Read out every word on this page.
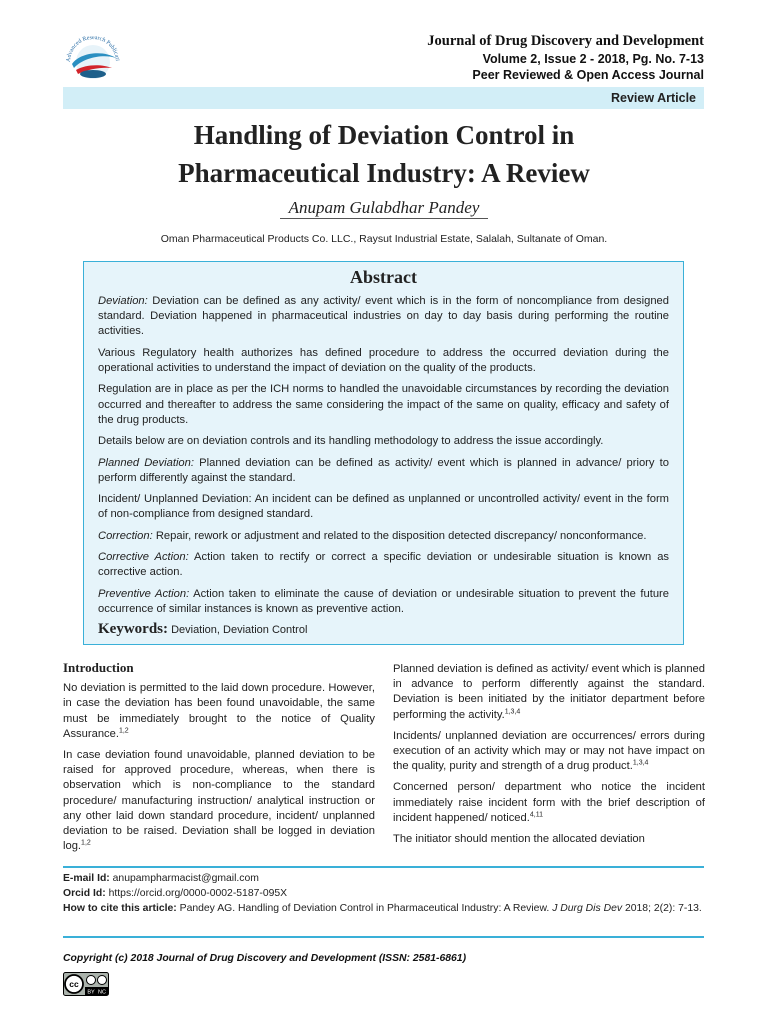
Advanced Research Publicati
Journal of Drug Discovery and Development
Volume 2, Issue 2 - 2018, Pg. No. 7-13
Peer Reviewed & Open Access Journal
Review Article
Handling of Deviation Control in
Pharmaceutical Industry: A Review
Anupam Gulabdhar Pandey
Oman Pharmaceutical Products Co. LLC., Raysut Industrial Estate, Salalah, Sultanate of Oman.
Abstract

Deviation: Deviation can be defined as any activity/ event which is in the form of noncompliance from designed standard. Deviation happened in pharmaceutical industries on day to day basis during performing the routine activities.

Various Regulatory health authorizes has defined procedure to address the occurred deviation during the operational activities to understand the impact of deviation on the quality of the products.

Regulation are in place as per the ICH norms to handled the unavoidable circumstances by recording the deviation occurred and thereafter to address the same considering the impact of the same on quality, efficacy and safety of the drug products.

Details below are on deviation controls and its handling methodology to address the issue accordingly.

Planned Deviation: Planned deviation can be defined as activity/ event which is planned in advance/ priory to perform differently against the standard.

Incident/ Unplanned Deviation: An incident can be defined as unplanned or uncontrolled activity/ event in the form of non-compliance from designed standard.

Correction: Repair, rework or adjustment and related to the disposition detected discrepancy/ nonconformance.

Corrective Action: Action taken to rectify or correct a specific deviation or undesirable situation is known as corrective action.

Preventive Action: Action taken to eliminate the cause of deviation or undesirable situation to prevent the future occurrence of similar instances is known as preventive action.

Keywords: Deviation, Deviation Control
Introduction

No deviation is permitted to the laid down procedure. However, in case the deviation has been found unavoidable, the same must be immediately brought to the notice of Quality Assurance.$^{1,2}$

In case deviation found unavoidable, planned deviation to be raised for approved procedure, whereas, when there is observation which is non-compliance to the standard procedure/ manufacturing instruction/ analytical instruction or any other laid down standard procedure, incident/ unplanned deviation to be raised. Deviation shall be logged in deviation log.$^{1,2}$

Planned deviation is defined as activity/ event which is planned in advance to perform differently against the standard. Deviation is been initiated by the initiator department before performing the activity.$^{1,3,4}$

Incidents/ unplanned deviation are occurrences/ errors during execution of an activity which may or may not have impact on the quality, purity and strength of a drug product.$^{1,3,4}$

Concerned person/ department who notice the incident immediately raise incident form with the brief description of incident happened/ noticed.$^{4,11}$

The initiator should mention the allocated deviation

E-mail Id: anupampharmacist@gmail.com
Orcid Id: https://orcid.org/0000-0002-5187-095X
How to cite this article: Pandey AG. Handling of Deviation Control in Pharmaceutical Industry: A Review. J Durg Dis Dev 2018; 2(2): 7-13.
Copyright (c) 2018 Journal of Drug Discovery and Development (ISSN: 2581-6861)
cc
BY NC
